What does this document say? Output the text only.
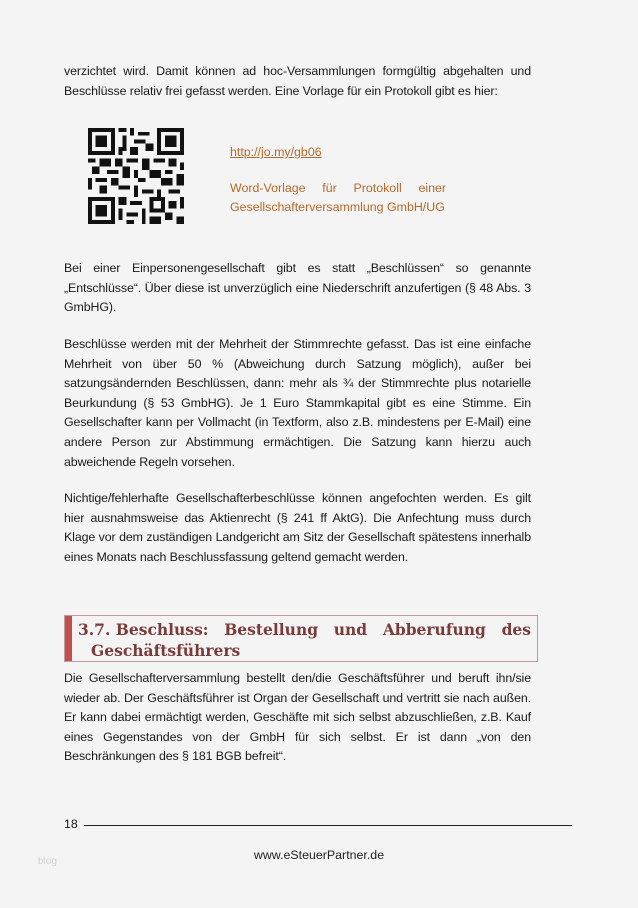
verzichtet wird. Damit können ad hoc-Versammlungen formgültig abgehalten und Beschlüsse relativ frei gefasst werden. Eine Vorlage für ein Protokoll gibt es hier:

http://jo.my/gb06
Word-Vorlage für Protokoll einer Gesellschafterversammlung GmbH/UG

Bei einer Einpersonengesellschaft gibt es statt „Beschlüssen“ so genannte „Entschlüsse“. Über diese ist unverzüglich eine Niederschrift anzufertigen (§ 48 Abs. 3 GmbHG).

Beschlüsse werden mit der Mehrheit der Stimmrechte gefasst. Das ist eine einfache Mehrheit von über 50 % (Abweichung durch Satzung möglich), außer bei satzungsändernden Beschlüssen, dann: mehr als ¾ der Stimmrechte plus notarielle Beurkundung (§ 53 GmbHG). Je 1 Euro Stammkapital gibt es eine Stimme. Ein Gesellschafter kann per Vollmacht (in Textform, also z.B. mindestens per E-Mail) eine andere Person zur Abstimmung ermächtigen. Die Satzung kann hierzu auch abweichende Regeln vorsehen.

Nichtige/fehlerhafte Gesellschafterbeschlüsse können angefochten werden. Es gilt hier ausnahmsweise das Aktienrecht (§ 241 ff AktG). Die Anfechtung muss durch Klage vor dem zuständigen Landgericht am Sitz der Gesellschaft spätestens innerhalb eines Monats nach Beschlussfassung geltend gemacht werden.

3.7. Beschluss: Bestellung und Abberufung des
Geschäftsführers

Die Gesellschafterversammlung bestellt den/die Geschäftsführer und beruft ihn/sie wieder ab. Der Geschäftsführer ist Organ der Gesellschaft und vertritt sie nach außen. Er kann dabei ermächtigt werden, Geschäfte mit sich selbst abzuschließen, z.B. Kauf eines Gegenstandes von der GmbH für sich selbst. Er ist dann „von den Beschränkungen des § 181 BGB befreit“.

18
www.eSteuerPartner.de
blog
